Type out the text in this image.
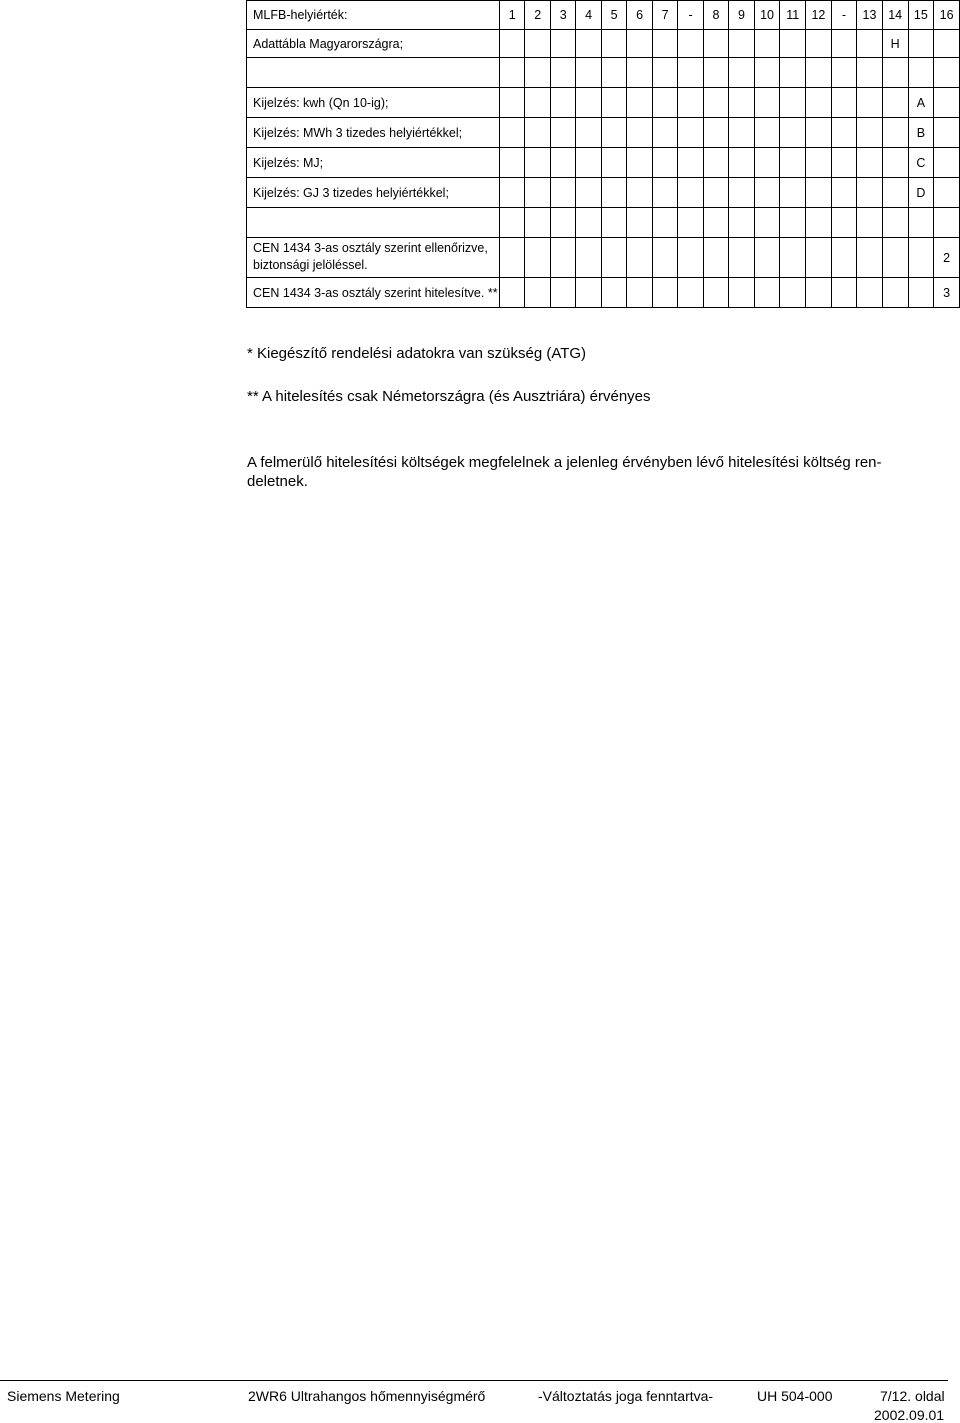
MLFB-helyiérték:	1	2	3	4	5	6	7	-	8	9	10	11	12	-	13	14	15	16
Adattábla Magyarországra;																H		

Kijelzés: kwh (Qn 10-ig);																	A	
Kijelzés: MWh 3 tizedes helyiértékkel;																	B	
Kijelzés: MJ;																	C	
Kijelzés: GJ 3 tizedes helyiértékkel;																	D	

CEN 1434 3-as osztály szerint ellenőrizve, biztonsági jelöléssel.																		2
CEN 1434 3-as osztály szerint hitelesítve. **																		3
* Kiegészítő rendelési adatokra van szükség (ATG)
** A hitelesítés csak Németországra (és Ausztriára) érvényes
A felmerülő hitelesítési költségek megfelelnek a jelenleg érvényben lévő hitelesítési költség ren-
deletnek.
Siemens Metering	2WR6 Ultrahangos hőmennyiségmérő	-Változtatás joga fenntartva-	UH 504-000	7/12. oldal
2002.09.01
